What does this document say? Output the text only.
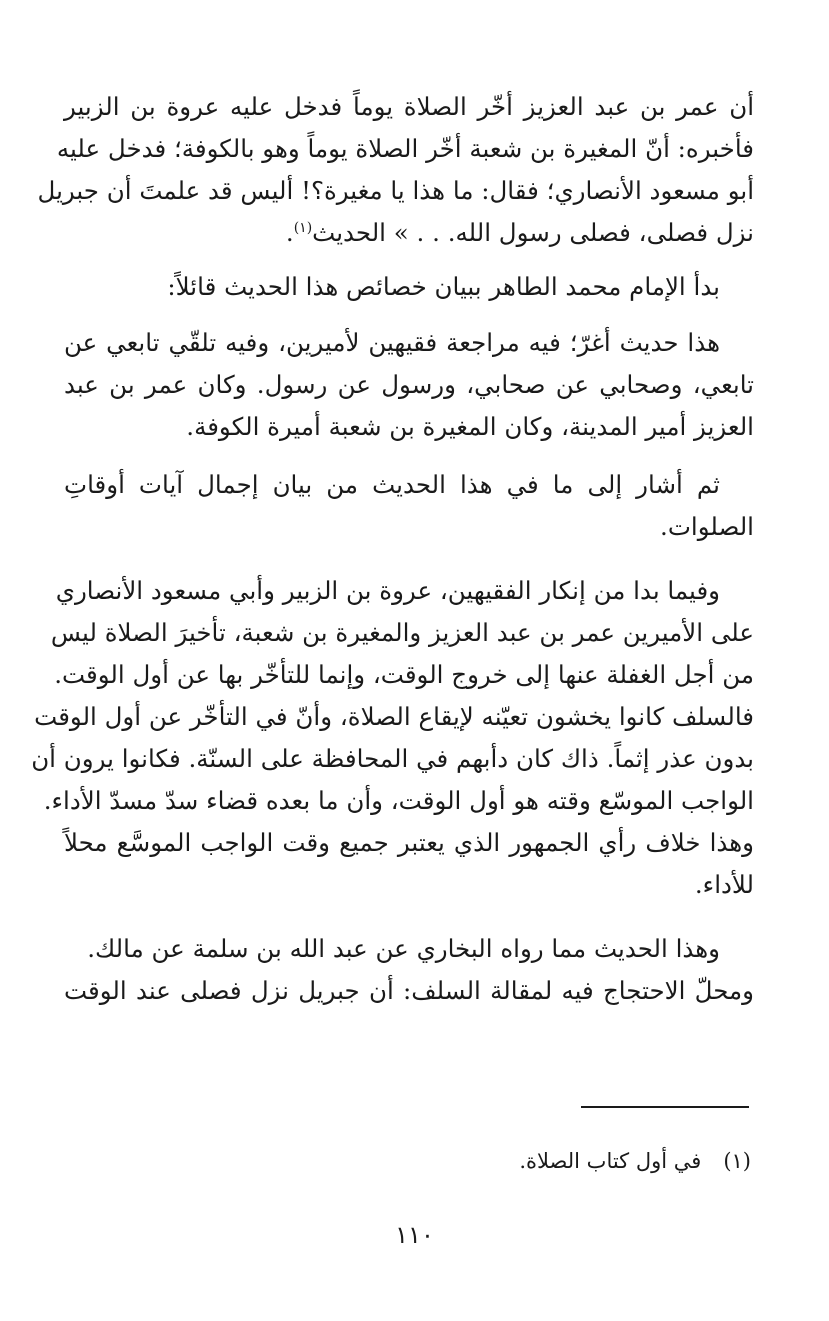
أن عمر بن عبد العزيز أخّر الصلاة يوماً فدخل عليه عروة بن الزبير
فأخبره: أنّ المغيرة بن شعبة أخّر الصلاة يوماً وهو بالكوفة؛ فدخل عليه
أبو مسعود الأنصاري؛ فقال: ما هذا يا مغيرة؟! أليس قد علمتَ أن جبريل
نزل فصلى، فصلى رسول الله. . . » الحديث$^{(١)}$.

بدأ الإمام محمد الطاهر ببيان خصائص هذا الحديث قائلاً:

هذا حديث أغرّ؛ فيه مراجعة فقيهين لأميرين، وفيه تلقّي تابعي عن
تابعي، وصحابي عن صحابي، ورسول عن رسول. وكان عمر بن عبد
العزيز أمير المدينة، وكان المغيرة بن شعبة أميرة الكوفة.

ثم أشار إلى ما في هذا الحديث من بيان إجمال آيات أوقاتِ
الصلوات.

وفيما بدا من إنكار الفقيهين، عروة بن الزبير وأبي مسعود الأنصاري
على الأميرين عمر بن عبد العزيز والمغيرة بن شعبة، تأخيرَ الصلاة ليس
من أجل الغفلة عنها إلى خروج الوقت، وإنما للتأخّر بها عن أول الوقت.
فالسلف كانوا يخشون تعيّنه لإيقاع الصلاة، وأنّ في التأخّر عن أول الوقت
بدون عذر إثماً. ذاك كان دأبهم في المحافظة على السنّة. فكانوا يرون أن
الواجب الموسّع وقته هو أول الوقت، وأن ما بعده قضاء سدّ مسدّ الأداء.
وهذا خلاف رأي الجمهور الذي يعتبر جميع وقت الواجب الموسَّع محلاً
للأداء.

وهذا الحديث مما رواه البخاري عن عبد الله بن سلمة عن مالك.
ومحلّ الاحتجاج فيه لمقالة السلف: أن جبريل نزل فصلى عند الوقت

(١)في أول كتاب الصلاة.
١١٠
